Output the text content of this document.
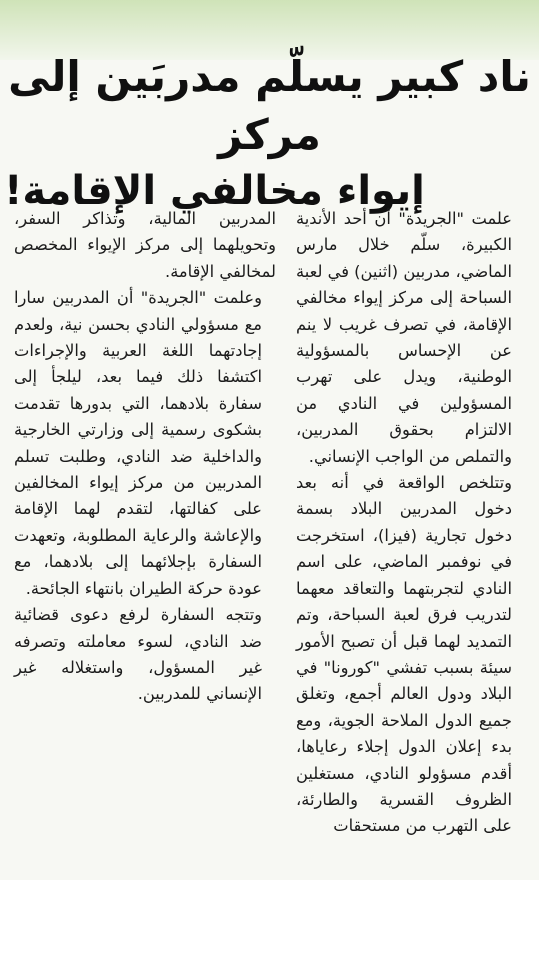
ناد كبير يسلّم مدربَين إلى مركز
إيواء مخالفي الإقامة!

علمت "الجريدة" أن أحد الأندية الكبيرة، سلّم خلال مارس الماضي، مدربين (اثنين) في لعبة السباحة إلى مركز إيواء مخالفي الإقامة، في تصرف غريب لا ينم عن الإحساس بالمسؤولية الوطنية، ويدل على تهرب المسؤولين في النادي من الالتزام بحقوق المدربين، والتملص من الواجب الإنساني.

وتتلخص الواقعة في أنه بعد دخول المدربين البلاد بسمة دخول تجارية (فيزا)، استخرجت في نوفمبر الماضي، على اسم النادي لتجربتهما والتعاقد معهما لتدريب فرق لعبة السباحة، وتم التمديد لهما قبل أن تصبح الأمور سيئة بسبب تفشي "كورونا" في البلاد ودول العالم أجمع، وتغلق جميع الدول الملاحة الجوية، ومع بدء إعلان الدول إجلاء رعاياها، أقدم مسؤولو النادي، مستغلين الظروف القسرية والطارئة، على التهرب من مستحقات

المدربين المالية، وتذاكر السفر، وتحويلهما إلى مركز الإيواء المخصص لمخالفي الإقامة.

وعلمت "الجريدة" أن المدربين سارا مع مسؤولي النادي بحسن نية، ولعدم إجادتهما اللغة العربية والإجراءات اكتشفا ذلك فيما بعد، ليلجأ إلى سفارة بلادهما، التي بدورها تقدمت بشكوى رسمية إلى وزارتي الخارجية والداخلية ضد النادي، وطلبت تسلم المدربين من مركز إيواء المخالفين على كفالتها، لتقدم لهما الإقامة والإعاشة والرعاية المطلوبة، وتعهدت السفارة بإجلائهما إلى بلادهما، مع عودة حركة الطيران بانتهاء الجائحة.

وتتجه السفارة لرفع دعوى قضائية ضد النادي، لسوء معاملته وتصرفه غير المسؤول، واستغلاله غير الإنساني للمدربين.
